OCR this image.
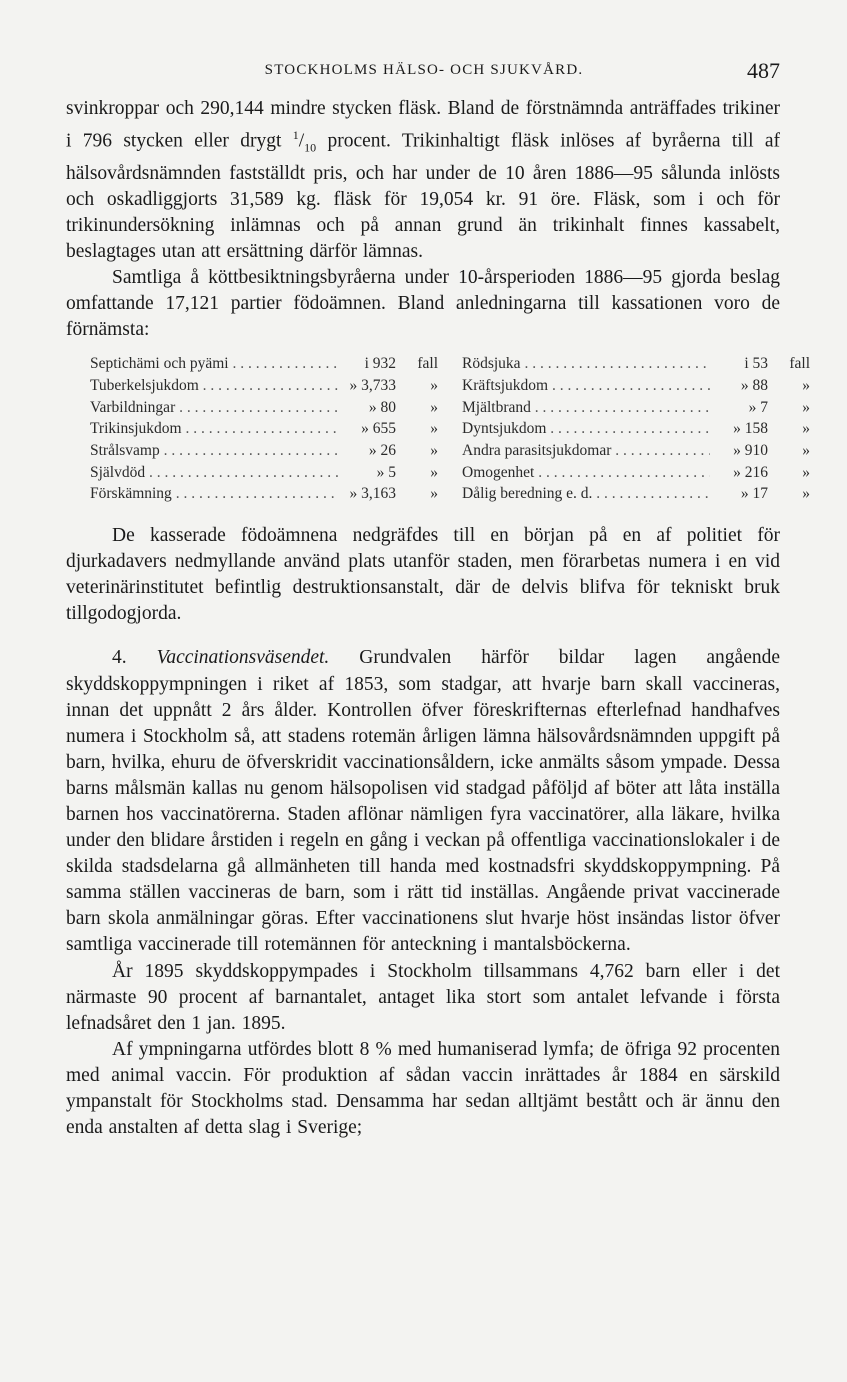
STOCKHOLMS HÄLSO- OCH SJUKVÅRD.	487

svinkroppar och 290,144 mindre stycken fläsk. Bland de förstnämnda anträffades trikiner i 796 stycken eller drygt $^1/_{10}$ procent. Trikinhaltigt fläsk inlöses af byråerna till af hälsovårdsnämnden fastställdt pris, och har under de 10 åren 1886—95 sålunda inlösts och oskadliggjorts 31,589 kg. fläsk för 19,054 kr. 91 öre. Fläsk, som i och för trikinundersökning inlämnas och på annan grund än trikinhalt finnes kassabelt, beslagtages utan att ersättning därför lämnas.

Samtliga å köttbesiktningsbyråerna under 10-årsperioden 1886—95 gjorda beslag omfattande 17,121 partier födoämnen. Bland anledningarna till kassationen voro de förnämsta:

Septichämi och pyämi . . .	i 932	fall
Tuberkelsjukdom . . .	» 3,733	»
Varbildningar . . .	» 80	»
Trikinsjukdom . . .	» 655	»
Strålsvamp . . .	» 26	»
Självdöd . . .	» 5	»
Förskämning . . .	» 3,163	»
Rödsjuka . . .	i 53	fall
Kräftsjukdom . . .	» 88	»
Mjältbrand . . .	» 7	»
Dyntsjukdom . . .	» 158	»
Andra parasitsjukdomar . . .	» 910	»
Omogenhet . . .	» 216	»
Dålig beredning e. d. . . .	» 17	»

De kasserade födoämnena nedgräfdes till en början på en af politiet för djurkadavers nedmyllande använd plats utanför staden, men förarbetas numera i en vid veterinärinstitutet befintlig destruktionsanstalt, där de delvis blifva för tekniskt bruk tillgodogjorda.

4. Vaccinationsväsendet. Grundvalen härför bildar lagen angående skyddskoppympningen i riket af 1853, som stadgar, att hvarje barn skall vaccineras, innan det uppnått 2 års ålder. Kontrollen öfver föreskrifternas efterlefnad handhafves numera i Stockholm så, att stadens rotemän årligen lämna hälsovårdsnämnden uppgift på barn, hvilka, ehuru de öfverskridit vaccinationsåldern, icke anmälts såsom ympade. Dessa barns målsmän kallas nu genom hälsopolisen vid stadgad påföljd af böter att låta inställa barnen hos vaccinatörerna. Staden aflönar nämligen fyra vaccinatörer, alla läkare, hvilka under den blidare årstiden i regeln en gång i veckan på offentliga vaccinationslokaler i de skilda stadsdelarna gå allmänheten till handa med kostnadsfri skyddskoppympning. På samma ställen vaccineras de barn, som i rätt tid inställas. Angående privat vaccinerade barn skola anmälningar göras. Efter vaccinationens slut hvarje höst insändas listor öfver samtliga vaccinerade till rotemännen för anteckning i mantalsböckerna.

År 1895 skyddskoppympades i Stockholm tillsammans 4,762 barn eller i det närmaste 90 procent af barnantalet, antaget lika stort som antalet lefvande i första lefnadsåret den 1 jan. 1895.

Af ympningarna utfördes blott 8 % med humaniserad lymfa; de öfriga 92 procenten med animal vaccin. För produktion af sådan vaccin inrättades år 1884 en särskild ympanstalt för Stockholms stad. Densamma har sedan alltjämt bestått och är ännu den enda anstalten af detta slag i Sverige;
